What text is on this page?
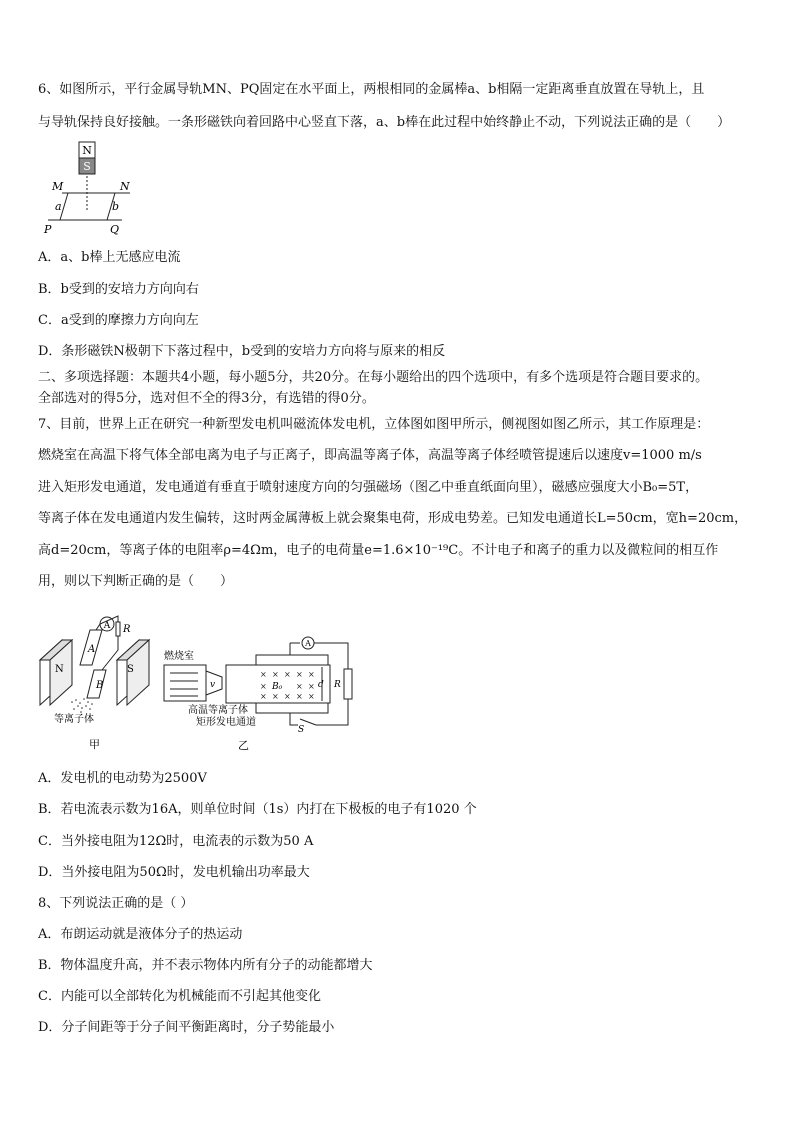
6、如图所示，平行金属导轨MN、PQ固定在水平面上，两根相同的金属棒a、b相隔一定距离垂直放置在导轨上，且
与导轨保持良好接触。一条形磁铁向着回路中心竖直下落，a、b棒在此过程中始终静止不动，下列说法正确的是（　　）
N
S
M	N
a	b
P	Q
A．a、b棒上无感应电流
B．b受到的安培力方向向右
C．a受到的摩擦力方向向左
D．条形磁铁N极朝下下落过程中，b受到的安培力方向将与原来的相反
二、多项选择题：本题共4小题，每小题5分，共20分。在每小题给出的四个选项中，有多个选项是符合题目要求的。
全部选对的得5分，选对但不全的得3分，有选错的得0分。
7、目前，世界上正在研究一种新型发电机叫磁流体发电机，立体图如图甲所示，侧视图如图乙所示，其工作原理是：
燃烧室在高温下将气体全部电离为电子与正离子，即高温等离子体，高温等离子体经喷管提速后以速度v=1000 m/s
进入矩形发电通道，发电通道有垂直于喷射速度方向的匀强磁场（图乙中垂直纸面向里），磁感应强度大小B₀=5T，
等离子体在发电通道内发生偏转，这时两金属薄板上就会聚集电荷，形成电势差。已知发电通道长L=50cm，宽h=20cm，
高d=20cm，等离子体的电阻率ρ=4Ωm，电子的电荷量e=1.6×10⁻¹⁹C。不计电子和离子的重力以及微粒间的相互作
用，则以下判断正确的是（　　）
N	S
A
B
A R
等离子体
甲
燃烧室
v
× × × × ×
×	× ×
× × × × ×
B₀	d
A
R
S
高温等离子体
矩形发电通道
乙
A．发电机的电动势为2500V
B．若电流表示数为16A，则单位时间（1s）内打在下极板的电子有1020 个
C．当外接电阻为12Ω时，电流表的示数为50 A
D．当外接电阻为50Ω时，发电机输出功率最大
8、下列说法正确的是（ ）
A．布朗运动就是液体分子的热运动
B．物体温度升高，并不表示物体内所有分子的动能都增大
C．内能可以全部转化为机械能而不引起其他变化
D．分子间距等于分子间平衡距离时，分子势能最小
